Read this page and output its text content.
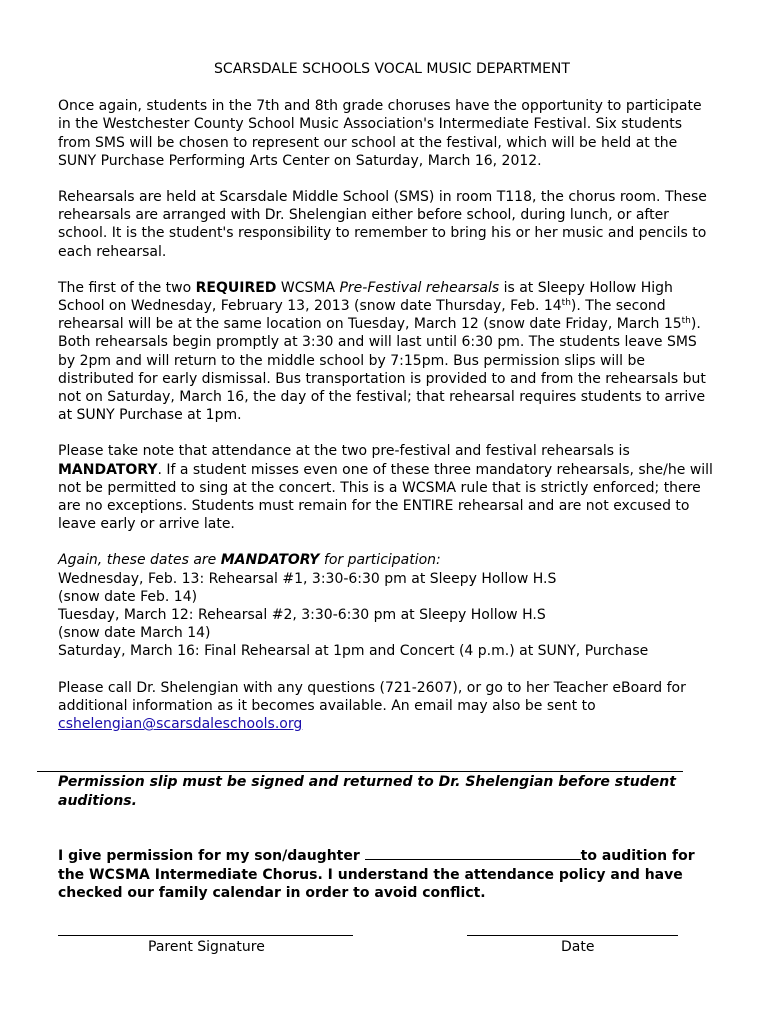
SCARSDALE SCHOOLS VOCAL MUSIC DEPARTMENT

Once again, students in the 7th and 8th grade choruses have the opportunity to participate in the Westchester County School Music Association's Intermediate Festival. Six students from SMS will be chosen to represent our school at the festival, which will be held at the SUNY Purchase Performing Arts Center on Saturday, March 16, 2012.

Rehearsals are held at Scarsdale Middle School (SMS) in room T118, the chorus room. These rehearsals are arranged with Dr. Shelengian either before school, during lunch, or after school. It is the student's responsibility to remember to bring his or her music and pencils to each rehearsal.

The first of the two REQUIRED WCSMA Pre-Festival rehearsals is at Sleepy Hollow High School on Wednesday, February 13, 2013 (snow date Thursday, Feb. 14th). The second rehearsal will be at the same location on Tuesday, March 12 (snow date Friday, March 15th). Both rehearsals begin promptly at 3:30 and will last until 6:30 pm. The students leave SMS by 2pm and will return to the middle school by 7:15pm. Bus permission slips will be distributed for early dismissal. Bus transportation is provided to and from the rehearsals but not on Saturday, March 16, the day of the festival; that rehearsal requires students to arrive at SUNY Purchase at 1pm.

Please take note that attendance at the two pre-festival and festival rehearsals is MANDATORY. If a student misses even one of these three mandatory rehearsals, she/he will not be permitted to sing at the concert. This is a WCSMA rule that is strictly enforced; there are no exceptions. Students must remain for the ENTIRE rehearsal and are not excused to leave early or arrive late.

Again, these dates are MANDATORY for participation:
Wednesday, Feb. 13: Rehearsal #1, 3:30-6:30 pm at Sleepy Hollow H.S
(snow date Feb. 14)
Tuesday, March 12: Rehearsal #2, 3:30-6:30 pm at Sleepy Hollow H.S
(snow date March 14)
Saturday, March 16: Final Rehearsal at 1pm and Concert (4 p.m.) at SUNY, Purchase

Please call Dr. Shelengian with any questions (721-2607), or go to her Teacher eBoard for additional information as it becomes available. An email may also be sent to
cshelengian@scarsdaleschools.org

Permission slip must be signed and returned to Dr. Shelengian before student auditions.
I give permission for my son/daughter	to audition for the WCSMA Intermediate Chorus. I understand the attendance policy and have checked our family calendar in order to avoid conflict.
Parent Signature	Date
